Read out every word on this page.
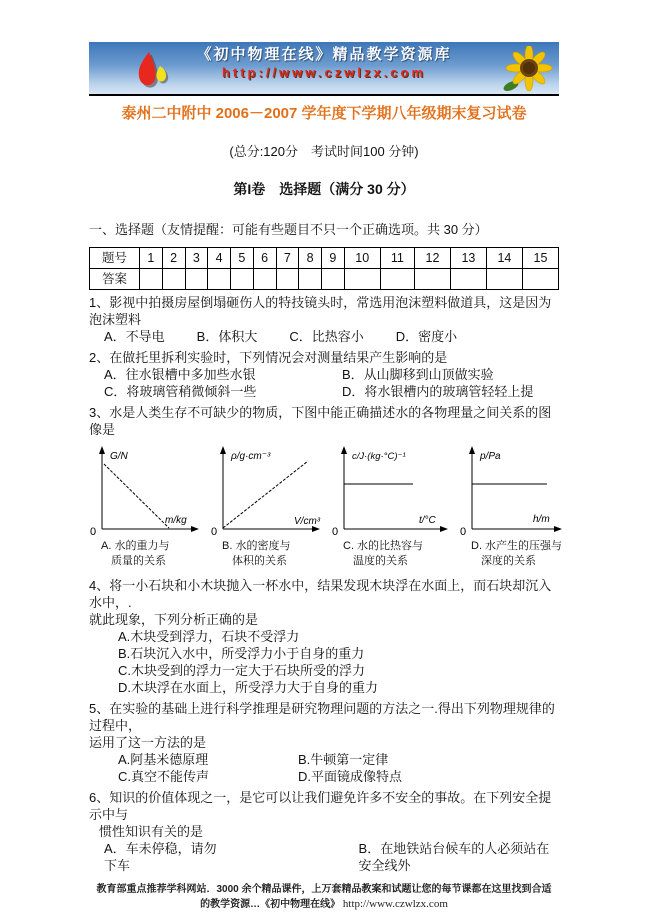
《初中物理在线》精品教学资源库
http://www.czwlzx.com
泰州二中附中 2006－2007 学年度下学期八年级期末复习试卷
(总分:120分　考试时间100 分钟)
第I卷　选择题（满分 30 分）
一、选择题（友情提醒：可能有些题目不只一个正确选项。共 30 分）
题号	1	2	3	4	5	6	7	8	9	10	11	12	13	14	15
答案															

1、影视中拍摄房屋倒塌砸伤人的特技镜头时，常选用泡沫塑料做道具，这是因为泡沫塑料

A．不导电 B．体积大 C．比热容小 D．密度小

2、在做托里拆利实验时，下列情况会对测量结果产生影响的是

A．往水银槽中多加些水银	B．从山脚移到山顶做实验
C．将玻璃管稍微倾斜一些	D．将水银槽内的玻璃管轻轻上提

3、水是人类生存不可缺少的物质，下图中能正确描述水的各物理量之间关系的图像是

G/N
m/kg
0
A. 水的重力与
质量的关系
ρ/g·cm⁻³
V/cm³
0
B. 水的密度与
体积的关系
c/J·(kg·°C)⁻¹
t/°C
0
C. 水的比热容与
温度的关系
p/Pa
h/m
0
D. 水产生的压强与
深度的关系

4、将一小石块和小木块抛入一杯水中，结果发现木块浮在水面上，而石块却沉入水中，.

就此现象，下列分析正确的是

A.木块受到浮力，石块不受浮力
B.石块沉入水中，所受浮力小于自身的重力
C.木块受到的浮力一定大于石块所受的浮力
D.木块浮在水面上，所受浮力大于自身的重力

5、在实验的基础上进行科学推理是研究物理问题的方法之一.得出下列物理规律的过程中，

运用了这一方法的是

A.阿基米德原理	B.牛顿第一定律
C.真空不能传声	D.平面镜成像特点

6、知识的价值体现之一，是它可以让我们避免许多不安全的事故。在下列安全提示中与

惯性知识有关的是

A．车未停稳，请勿下车
B．在地铁站台候车的人必须站在安全线外
教育部重点推荐学科网站．3000 余个精品课件，上万套精品教案和试题让您的每节课都在这里找到合适
的教学资源…《初中物理在线》 http://www.czwlzx.com
